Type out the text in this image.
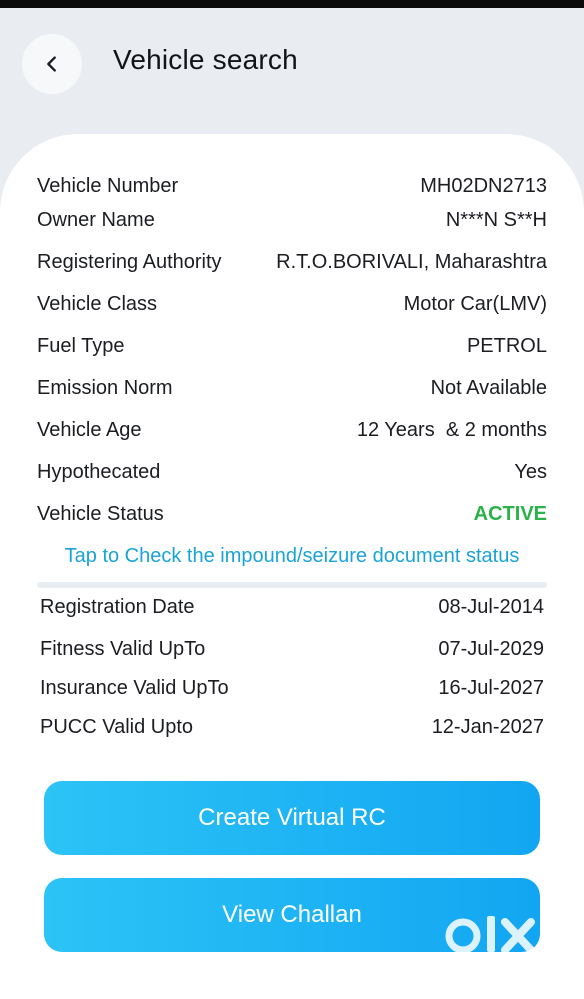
Vehicle search
Vehicle Number	MH02DN2713
Owner Name	N***N S**H
Registering Authority	R.T.O.BORIVALI, Maharashtra
Vehicle Class	Motor Car(LMV)
Fuel Type	PETROL
Emission Norm	Not Available
Vehicle Age	12 Years  & 2 months
Hypothecated	Yes
Vehicle Status	ACTIVE
Tap to Check the impound/seizure document status
Registration Date	08-Jul-2014
Fitness Valid UpTo	07-Jul-2029
Insurance Valid UpTo	16-Jul-2027
PUCC Valid Upto	12-Jan-2027
Create Virtual RC
View Challan
